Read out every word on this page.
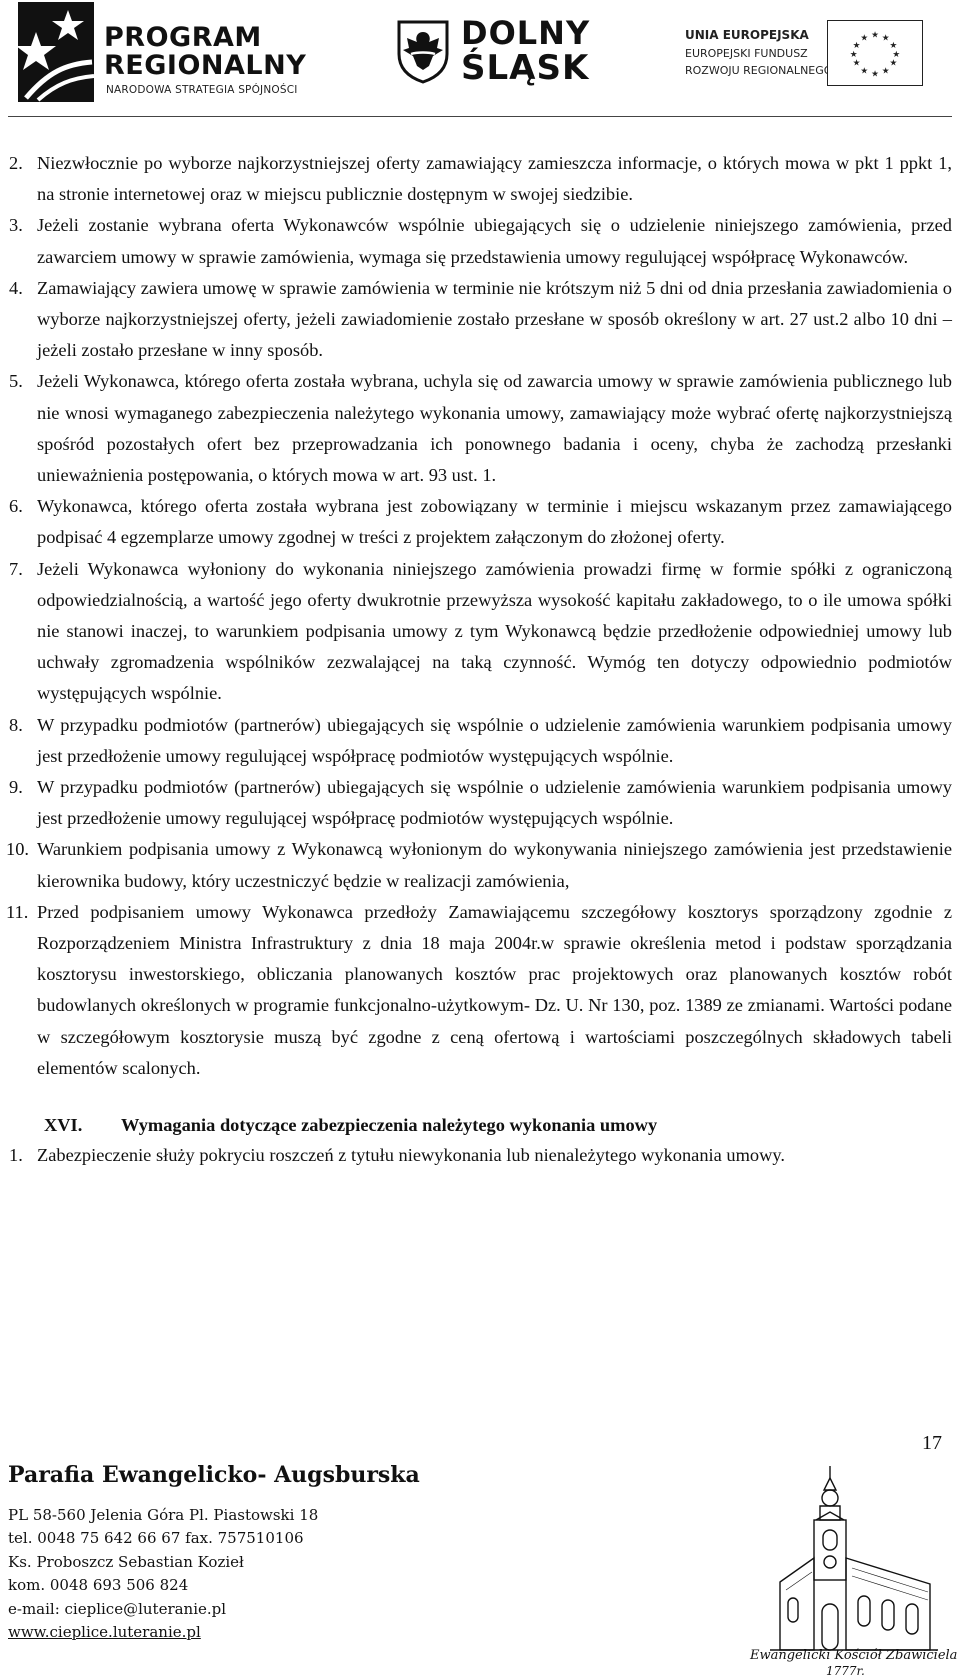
PROGRAM
REGIONALNY
NARODOWA STRATEGIA SPÓJNOŚCI
DOLNY
ŚLĄSK
UNIA EUROPEJSKA
EUROPEJSKI FUNDUSZ
ROZWOJU REGIONALNEGO
★ ★
★
★
★
★
★
★
★
★
★
★
2. Niezwłocznie po wyborze najkorzystniejszej oferty zamawiający zamieszcza informacje, o których mowa w pkt 1 ppkt 1, na stronie internetowej oraz w miejscu publicznie dostępnym w swojej siedzibie.
3. Jeżeli zostanie wybrana oferta Wykonawców wspólnie ubiegających się o udzielenie niniejszego zamówienia, przed zawarciem umowy w sprawie zamówienia, wymaga się przedstawienia umowy regulującej współpracę Wykonawców.
4. Zamawiający zawiera umowę w sprawie zamówienia w terminie nie krótszym niż 5 dni od dnia przesłania zawiadomienia o wyborze najkorzystniejszej oferty, jeżeli zawiadomienie zostało przesłane w sposób określony w art. 27 ust.2 albo 10 dni – jeżeli zostało przesłane w inny sposób.
5. Jeżeli Wykonawca, którego oferta została wybrana, uchyla się od zawarcia umowy w sprawie zamówienia publicznego lub nie wnosi wymaganego zabezpieczenia należytego wykonania umowy, zamawiający może wybrać ofertę najkorzystniejszą spośród pozostałych ofert bez przeprowadzania ich ponownego badania i oceny, chyba że zachodzą przesłanki unieważnienia postępowania, o których mowa w art. 93 ust. 1.
6. Wykonawca, którego oferta została wybrana jest zobowiązany w terminie i miejscu wskazanym przez zamawiającego podpisać 4 egzemplarze umowy zgodnej w treści z projektem załączonym do złożonej oferty.
7. Jeżeli Wykonawca wyłoniony do wykonania niniejszego zamówienia prowadzi firmę w formie spółki z ograniczoną odpowiedzialnością, a wartość jego oferty dwukrotnie przewyższa wysokość kapitału zakładowego, to o ile umowa spółki nie stanowi inaczej, to warunkiem podpisania umowy z tym Wykonawcą będzie przedłożenie odpowiedniej umowy lub uchwały zgromadzenia wspólników zezwalającej na taką czynność. Wymóg ten dotyczy odpowiednio podmiotów występujących wspólnie.
8. W przypadku podmiotów (partnerów) ubiegających się wspólnie o udzielenie zamówienia warunkiem podpisania umowy jest przedłożenie umowy regulującej współpracę podmiotów występujących wspólnie.
9. W przypadku podmiotów (partnerów) ubiegających się wspólnie o udzielenie zamówienia warunkiem podpisania umowy jest przedłożenie umowy regulującej współpracę podmiotów występujących wspólnie.
10. Warunkiem podpisania umowy z Wykonawcą wyłonionym do wykonywania niniejszego zamówienia jest przedstawienie kierownika budowy, który uczestniczyć będzie w realizacji zamówienia,
11. Przed podpisaniem umowy Wykonawca przedłoży Zamawiającemu szczegółowy kosztorys sporządzony zgodnie z Rozporządzeniem Ministra Infrastruktury z dnia 18 maja 2004r.w sprawie określenia metod i podstaw sporządzania kosztorysu inwestorskiego, obliczania planowanych kosztów prac projektowych oraz planowanych kosztów robót budowlanych określonych w programie funkcjonalno-użytkowym- Dz. U. Nr 130, poz. 1389 ze zmianami. Wartości podane w szczegółowym kosztorysie muszą być zgodne z ceną ofertową i wartościami poszczególnych składowych tabeli elementów scalonych.
XVI. Wymagania dotyczące zabezpieczenia należytego wykonania umowy
1. Zabezpieczenie służy pokryciu roszczeń z tytułu niewykonania lub nienależytego wykonania umowy.
17
Parafia Ewangelicko- Augsburska
PL 58-560 Jelenia Góra Pl. Piastowski 18
tel. 0048 75 642 66 67 fax. 757510106
Ks. Proboszcz Sebastian Kozieł
kom. 0048 693 506 824
e-mail: cieplice@luteranie.pl
www.cieplice.luteranie.pl
Ewangelicki Kościół Zbawiciela
1777r.
